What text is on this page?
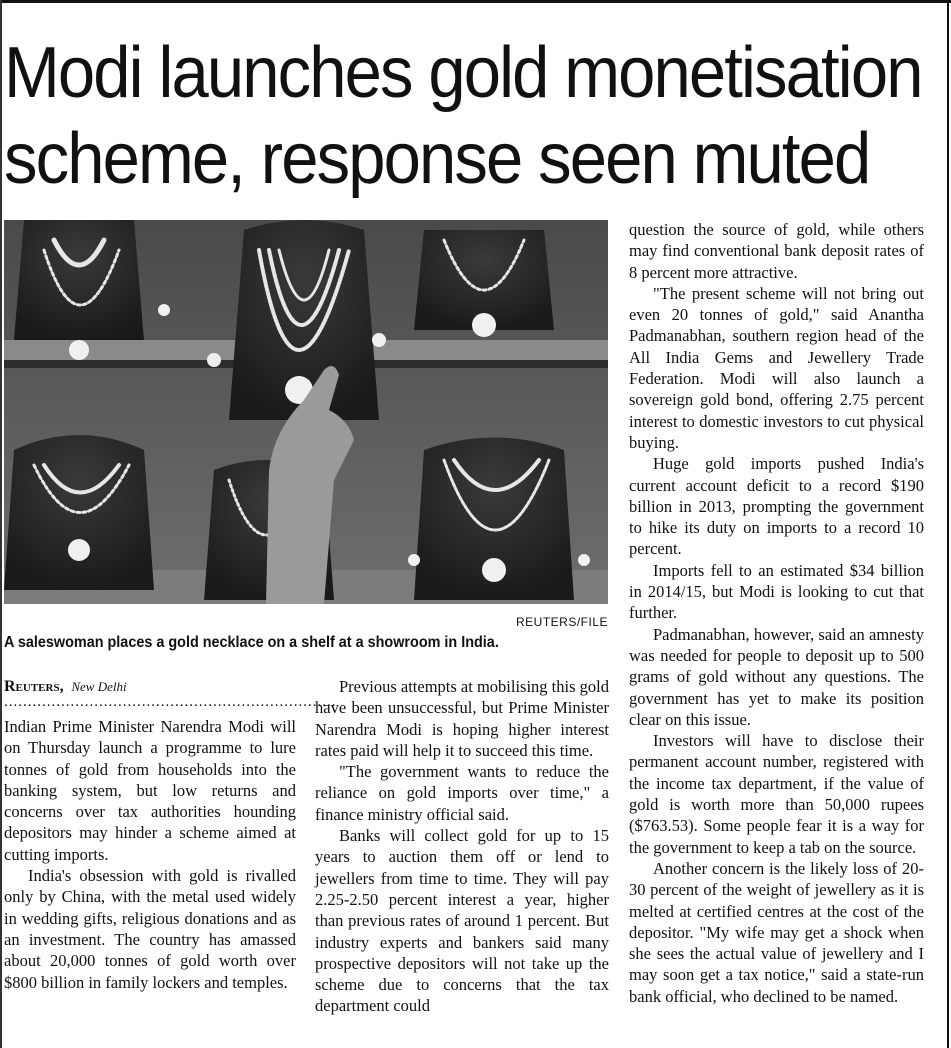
Modi launches gold monetisation
scheme, response seen muted
REUTERS/FILE
A saleswoman places a gold necklace on a shelf at a showroom in India.
Reuters, New Delhi
......................................................................

Indian Prime Minister Narendra Modi will on Thursday launch a programme to lure tonnes of gold from households into the banking system, but low returns and concerns over tax authorities hounding depositors may hinder a scheme aimed at cutting imports.

India's obsession with gold is rivalled only by China, with the metal used widely in wedding gifts, religious donations and as an investment. The country has amassed about 20,000 tonnes of gold worth over $800 billion in family lockers and temples.

Previous attempts at mobilising this gold have been unsuccessful, but Prime Minister Narendra Modi is hoping higher interest rates paid will help it to succeed this time.

"The government wants to reduce the reliance on gold imports over time," a finance ministry official said.

Banks will collect gold for up to 15 years to auction them off or lend to jewellers from time to time. They will pay 2.25-2.50 percent interest a year, higher than previous rates of around 1 percent. But industry experts and bankers said many prospective depositors will not take up the scheme due to concerns that the tax department could

question the source of gold, while others may find conventional bank deposit rates of 8 percent more attractive.

"The present scheme will not bring out even 20 tonnes of gold," said Anantha Padmanabhan, southern region head of the All India Gems and Jewellery Trade Federation. Modi will also launch a sovereign gold bond, offering 2.75 percent interest to domestic investors to cut physical buying.

Huge gold imports pushed India's current account deficit to a record $190 billion in 2013, prompting the government to hike its duty on imports to a record 10 percent.

Imports fell to an estimated $34 billion in 2014/15, but Modi is looking to cut that further.

Padmanabhan, however, said an amnesty was needed for people to deposit up to 500 grams of gold without any questions. The government has yet to make its position clear on this issue.

Investors will have to disclose their permanent account number, registered with the income tax department, if the value of gold is worth more than 50,000 rupees ($763.53). Some people fear it is a way for the government to keep a tab on the source.

Another concern is the likely loss of 20-30 percent of the weight of jewellery as it is melted at certified centres at the cost of the depositor. "My wife may get a shock when she sees the actual value of jewellery and I may soon get a tax notice," said a state-run bank official, who declined to be named.
